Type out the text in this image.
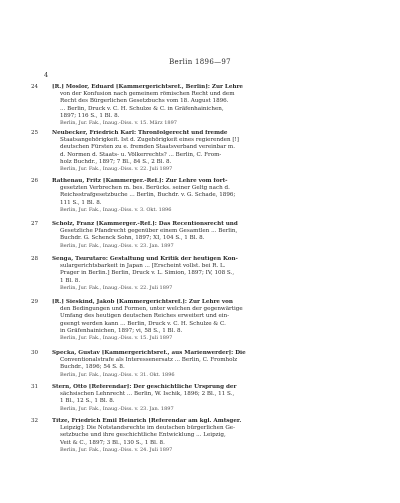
Berlin 1896—97
4
24	[R.] Moslor, Eduard [Kammergerichtsref., Berlin]: Zur Lehre
von der Konfusion nach gemeinem römischen Recht und dem
Recht des Bürgerlichen Gesetzbuchs vom 18. August 1896.
... Berlin, Druck v. C. H. Schulze & C. in Gräfenhainichen,
1897; 116 S., 1 Bl. 8.
Berlin, Jur. Fak., Inaug.-Diss. v. 15. März 1897
25	Neubecker, Friedrich Karl: Thronfolgerecht und fremde
Staatsangehörigkeit. Ist d. Zugehörigkeit eines regierenden [!]
deutschen Fürsten zu e. fremden Staatsverband vereinbar m.
d. Normen d. Staats- u. Völkerrechts? ... Berlin, C. From-
holz Buchdr., 1897; 7 Bl., 84 S., 2 Bl. 8.
Berlin, Jur. Fak., Inaug.-Diss. v. 22. Juli 1897
26	Rathenau, Fritz [Kammerger.-Ref.]: Zur Lehre vom fort-
gesetzten Verbrechen m. bes. Berücks. seiner Geltg nach d.
Reichsstrafgesetzbuche ... Berlin, Buchdr. v. G. Schade, 1896;
111 S., 1 Bl. 8.
Berlin, Jur. Fak., Inaug.-Diss. v. 3. Okt. 1896
27	Scholz, Franz [Kammerger.-Ref.]: Das Recentionsrecht und
Gesetzliche Pfandrecht gegenüber einem Gesamtlen ... Berlin,
Buchdr. G. Schenck Sohn, 1897; XI, 104 S., 1 Bl. 8.
Berlin, Jur. Fak., Inaug.-Diss. v. 23. Jan. 1897
28	Senga, Tsurutaro: Gestaltung und Kritik der heutigen Kon-
sulargerichtsbarkeit in Japan ... [Erscheint vollst. bei R. L.
Prager in Berlin.] Berlin, Druck v. L. Simion, 1897; IV, 108 S.,
1 Bl. 8.
Berlin, Jur. Fak., Inaug.-Diss. v. 22. Juli 1897
29	[R.] Sieskind, Jakob [Kammergerichtsref.]: Zur Lehre von
den Bedingungen und Formen, unter welchen der gegenwärtige
Umfang des heutigen deutschen Reiches erweitert und ein-
geengt werden kann ... Berlin, Druck v. C. H. Schulze & C.
in Gräfenhainichen, 1897; vi, 58 S., 1 Bl. 8.
Berlin, Jur. Fak., Inaug.-Diss. v. 15. Juli 1897
30	Specka, Gustav [Kammergerichtsref., aus Marienwerder]: Die
Conventionalstrafe als Interessenersatz ... Berlin, C. Fromholz
Buchdr., 1896; 54 S. 8.
Berlin, Jur. Fak., Inaug.-Diss. v. 31. Okt. 1896
31	Stern, Otto [Referendar]: Der geschichtliche Ursprung der
sächsischen Lehnrecht ... Berlin, W. Ischik, 1896; 2 Bl., 11 S.,
1 Bl., 12 S., 1 Bl. 8.
Berlin, Jur. Fak., Inaug.-Diss. v. 23. Jan. 1897
32	Titze, Friedrich Emil Heinrich [Referendar am kgl. Amtsger.
Leipzig]: Die Notstandsrechte im deutschen bürgerlichen Ge-
setzbuche und ihre geschichtliche Entwicklung ... Leipzig,
Veit & C., 1897; 3 Bl., 130 S., 1 Bl. 8.
Berlin, Jur. Fak., Inaug.-Diss. v. 24. Juli 1897
